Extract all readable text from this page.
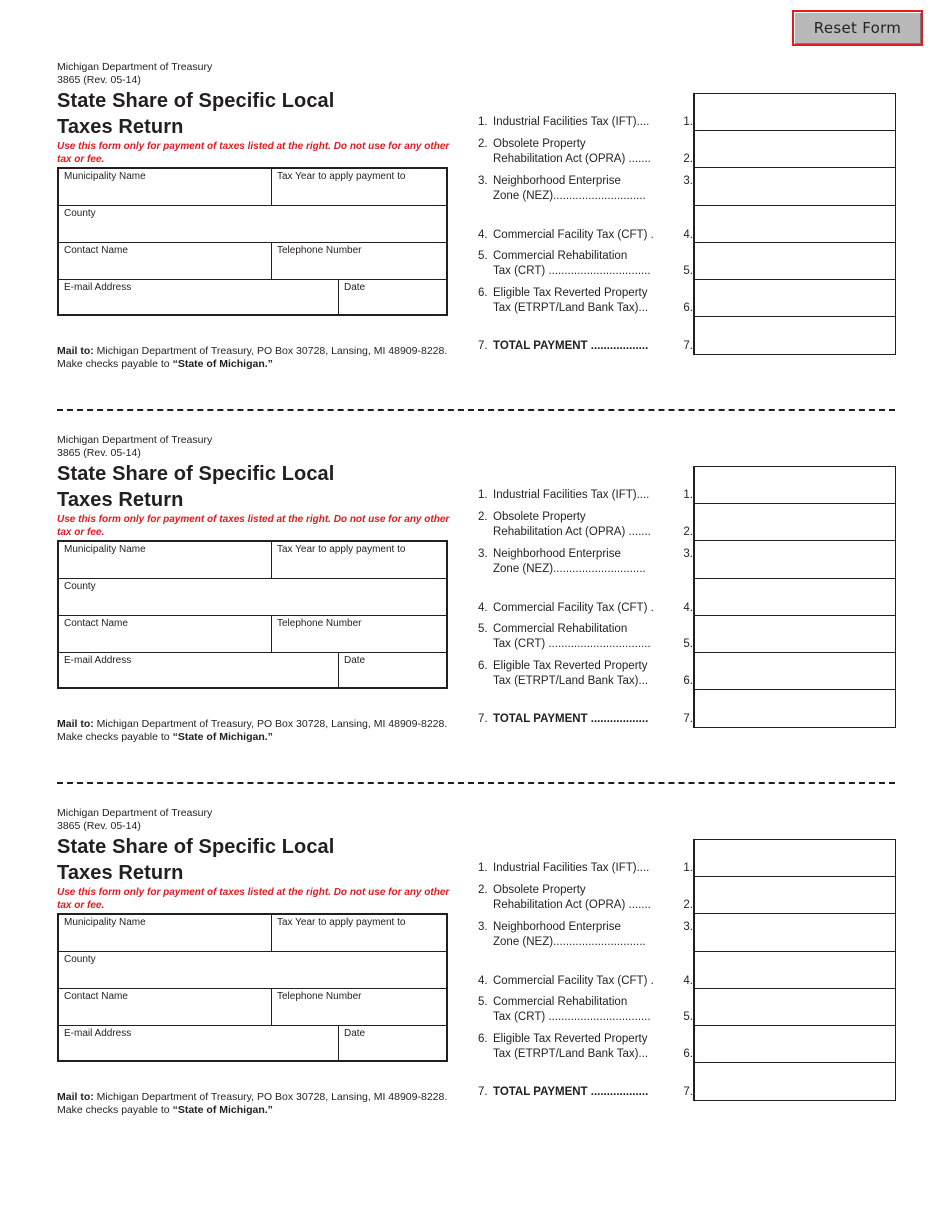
Reset Form
Michigan Department of Treasury
3865 (Rev. 05-14)
State Share of Specific Local
Taxes Return
Use this form only for payment of taxes listed at the right. Do not use for any other tax or fee.
Municipality Name	Tax Year to apply payment to
County
Contact Name	Telephone Number
E-mail Address	Date
Mail to: Michigan Department of Treasury, PO Box 30728, Lansing, MI 48909-8228.
Make checks payable to “State of Michigan.”
1. Industrial Facilities Tax (IFT)....	1.
2. Obsolete Property
Rehabilitation Act (OPRA) .......	2.
3. Neighborhood Enterprise
Zone (NEZ).............................
3.
4. Commercial Facility Tax (CFT) .	4.
5. Commercial Rehabilitation
Tax (CRT) ................................	5.
6. Eligible Tax Reverted Property
Tax (ETRPT/Land Bank Tax)...	6.
7. TOTAL PAYMENT ..................	7.
Michigan Department of Treasury
3865 (Rev. 05-14)
State Share of Specific Local
Taxes Return
Use this form only for payment of taxes listed at the right. Do not use for any other tax or fee.
Municipality Name	Tax Year to apply payment to
County
Contact Name	Telephone Number
E-mail Address	Date
Mail to: Michigan Department of Treasury, PO Box 30728, Lansing, MI 48909-8228.
Make checks payable to “State of Michigan.”
1. Industrial Facilities Tax (IFT)....	1.
2. Obsolete Property
Rehabilitation Act (OPRA) .......	2.
3. Neighborhood Enterprise
Zone (NEZ).............................
3.
4. Commercial Facility Tax (CFT) .	4.
5. Commercial Rehabilitation
Tax (CRT) ................................	5.
6. Eligible Tax Reverted Property
Tax (ETRPT/Land Bank Tax)...	6.
7. TOTAL PAYMENT ..................	7.
Michigan Department of Treasury
3865 (Rev. 05-14)
State Share of Specific Local
Taxes Return
Use this form only for payment of taxes listed at the right. Do not use for any other tax or fee.
Municipality Name	Tax Year to apply payment to
County
Contact Name	Telephone Number
E-mail Address	Date
Mail to: Michigan Department of Treasury, PO Box 30728, Lansing, MI 48909-8228.
Make checks payable to “State of Michigan.”
1. Industrial Facilities Tax (IFT)....	1.
2. Obsolete Property
Rehabilitation Act (OPRA) .......	2.
3. Neighborhood Enterprise
Zone (NEZ).............................
3.
4. Commercial Facility Tax (CFT) .	4.
5. Commercial Rehabilitation
Tax (CRT) ................................	5.
6. Eligible Tax Reverted Property
Tax (ETRPT/Land Bank Tax)...	6.
7. TOTAL PAYMENT ..................	7.
